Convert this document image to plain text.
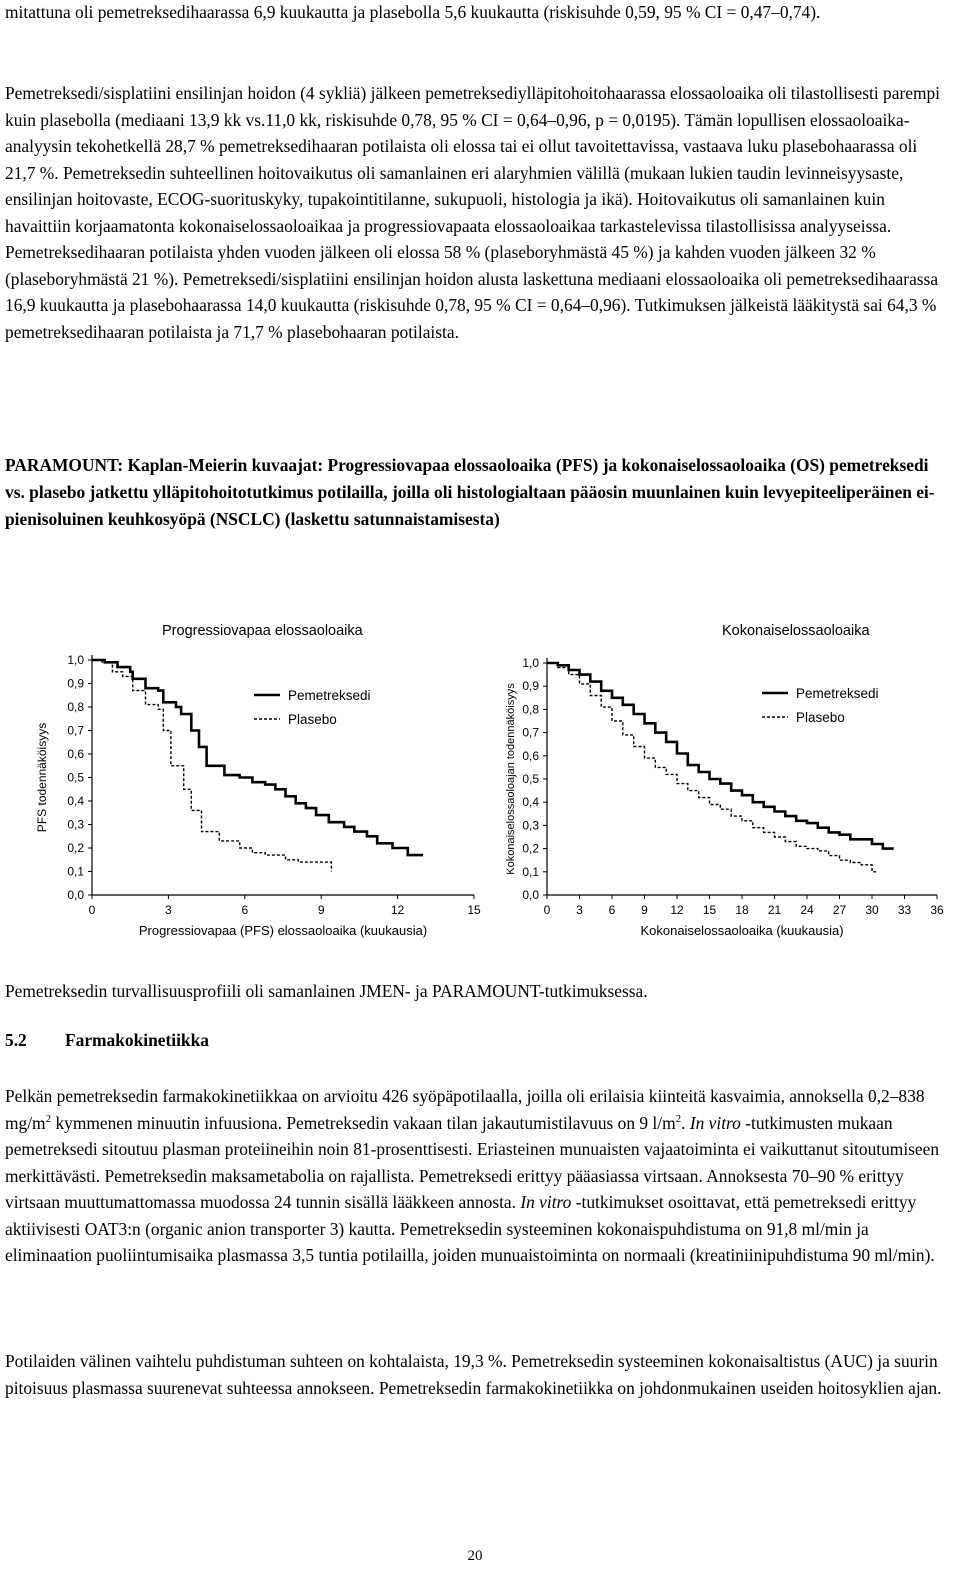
mitattuna oli pemetreksedihaarassa 6,9 kuukautta ja plasebolla 5,6 kuukautta (riskisuhde 0,59, 95 % CI = 0,47–0,74).

Pemetreksedi/sisplatiini ensilinjan hoidon (4 sykliä) jälkeen pemetreksediylläpitohoitohaarassa elossaoloaika oli tilastollisesti parempi kuin plasebolla (mediaani 13,9 kk vs.11,0 kk, riskisuhde 0,78, 95 % CI = 0,64–0,96, p = 0,0195). Tämän lopullisen elossaoloaika-analyysin tekohetkellä 28,7 % pemetreksedihaaran potilaista oli elossa tai ei ollut tavoitettavissa, vastaava luku plasebohaarassa oli 21,7 %. Pemetreksedin suhteellinen hoitovaikutus oli samanlainen eri alaryhmien välillä (mukaan lukien taudin levinneisyysaste, ensilinjan hoitovaste, ECOG-suorituskyky, tupakointitilanne, sukupuoli, histologia ja ikä). Hoitovaikutus oli samanlainen kuin havaittiin korjaamatonta kokonaiselossaoloaikaa ja progressiovapaata elossaoloaikaa tarkastelevissa tilastollisissa analyyseissa. Pemetreksedihaaran potilaista yhden vuoden jälkeen oli elossa 58 % (plaseboryhmästä 45 %) ja kahden vuoden jälkeen 32 % (plaseboryhmästä 21 %). Pemetreksedi/sisplatiini ensilinjan hoidon alusta laskettuna mediaani elossaoloaika oli pemetreksedihaarassa 16,9 kuukautta ja plasebohaarassa 14,0 kuukautta (riskisuhde 0,78, 95 % CI = 0,64–0,96). Tutkimuksen jälkeistä lääkitystä sai 64,3 % pemetreksedihaaran potilaista ja 71,7 % plasebohaaran potilaista.

PARAMOUNT: Kaplan-Meierin kuvaajat: Progressiovapaa elossaoloaika (PFS) ja kokonaiselossaoloaika (OS) pemetreksedi vs. plasebo jatkettu ylläpitohoitotutkimus potilailla, joilla oli histologialtaan pääosin muunlainen kuin levyepiteeliperäinen ei-pienisoluinen keuhkosyöpä (NSCLC) (laskettu satunnaistamisesta)

Pemetreksedin turvallisuusprofiili oli samanlainen JMEN- ja PARAMOUNT-tutkimuksessa.

5.2 Farmakokinetiikka

Pelkän pemetreksedin farmakokinetiikkaa on arvioitu 426 syöpäpotilaalla, joilla oli erilaisia kiinteitä kasvaimia, annoksella 0,2–838 $mg/m^2$ kymmenen minuutin infuusiona. Pemetreksedin vakaan tilan jakautumistilavuus on 9 $l/m^2$. In vitro -tutkimusten mukaan pemetreksedi sitoutuu plasman proteiineihin noin 81-prosenttisesti. Eriasteinen munuaisten vajaatoiminta ei vaikuttanut sitoutumiseen merkittävästi. Pemetreksedin maksametabolia on rajallista. Pemetreksedi erittyy pääasiassa virtsaan. Annoksesta 70–90 % erittyy virtsaan muuttumattomassa muodossa 24 tunnin sisällä lääkkeen annosta. In vitro -tutkimukset osoittavat, että pemetreksedi erittyy aktiivisesti OAT3:n (organic anion transporter 3) kautta. Pemetreksedin systeeminen kokonaispuhdistuma on 91,8 ml/min ja eliminaation puoliintumisaika plasmassa 3,5 tuntia potilailla, joiden munuaistoiminta on normaali (kreatiniinipuhdistuma 90 ml/min).

Potilaiden välinen vaihtelu puhdistuman suhteen on kohtalaista, 19,3 %. Pemetreksedin systeeminen kokonaisaltistus (AUC) ja suurin pitoisuus plasmassa suurenevat suhteessa annokseen. Pemetreksedin farmakokinetiikka on johdonmukainen useiden hoitosyklien ajan.

Progressiovapaa elossaoloaika
1,0
0,9
0,8
0,7
0,6
0,5
0,4
0,3
0,2
0,1
0,0
0	3	6	9	12	15
Progressiovapaa (PFS) elossaoloaika (kuukausia)
PFS todennäköisyys
Pemetreksedi
Plasebo
Kokonaiselossaoloaika
1,0
0,9
0,8
0,7
0,6
0,5
0,4
0,3
0,2
0,1
0,0
0 3 6 9 12 15 18 21 24 27 30 33 36
Kokonaiselossaoloaika (kuukausia)
Kokonaiselossaoloajan todennäköisyys	Pemetreksedi
Plasebo
20
